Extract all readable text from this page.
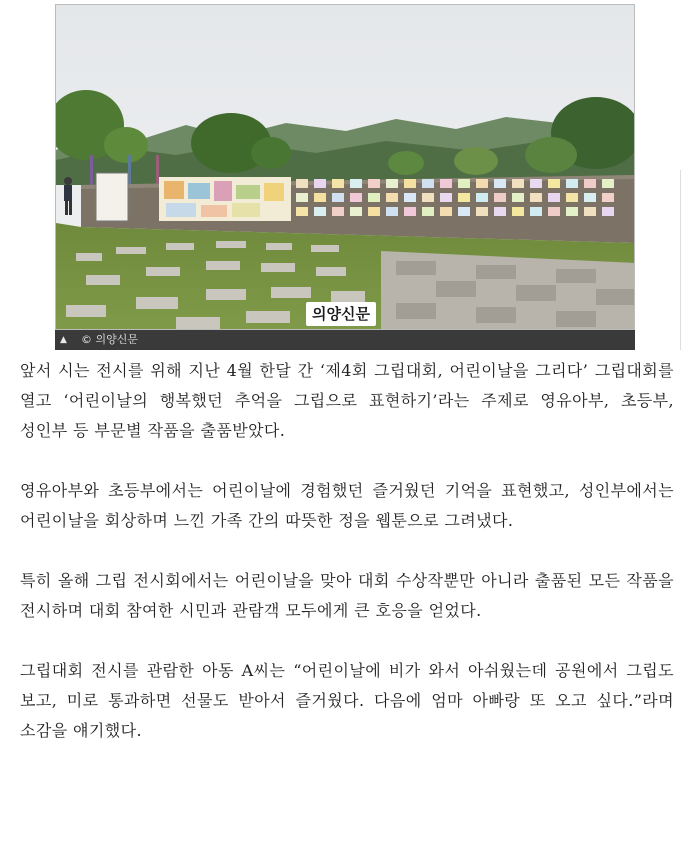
의양신문
▲ © 의양신문

앞서 시는 전시를 위해 지난 4월 한달 간 ‘제4회 그립대회, 어린이날을 그리다’ 그립대회를 열고 ‘어린이날의 행복했던 추억을 그립으로 표현하기’라는 주제로 영유아부, 초등부, 성인부 등 부문별 작품을 출품받았다.

영유아부와 초등부에서는 어린이날에 경험했던 즐거웠던 기억을 표현했고, 성인부에서는 어린이날을 회상하며 느낀 가족 간의 따뜻한 정을 웹툰으로 그려냈다.

특히 올해 그립 전시회에서는 어린이날을 맞아 대회 수상작뿐만 아니라 출품된 모든 작품을 전시하며 대회 참여한 시민과 관람객 모두에게 큰 호응을 얻었다.

그립대회 전시를 관람한 아동 A씨는 “어린이날에 비가 와서 아쉬웠는데 공원에서 그립도 보고, 미로 통과하면 선물도 받아서 즐거웠다. 다음에 엄마 아빠랑 또 오고 싶다.”라며 소감을 얘기했다.
